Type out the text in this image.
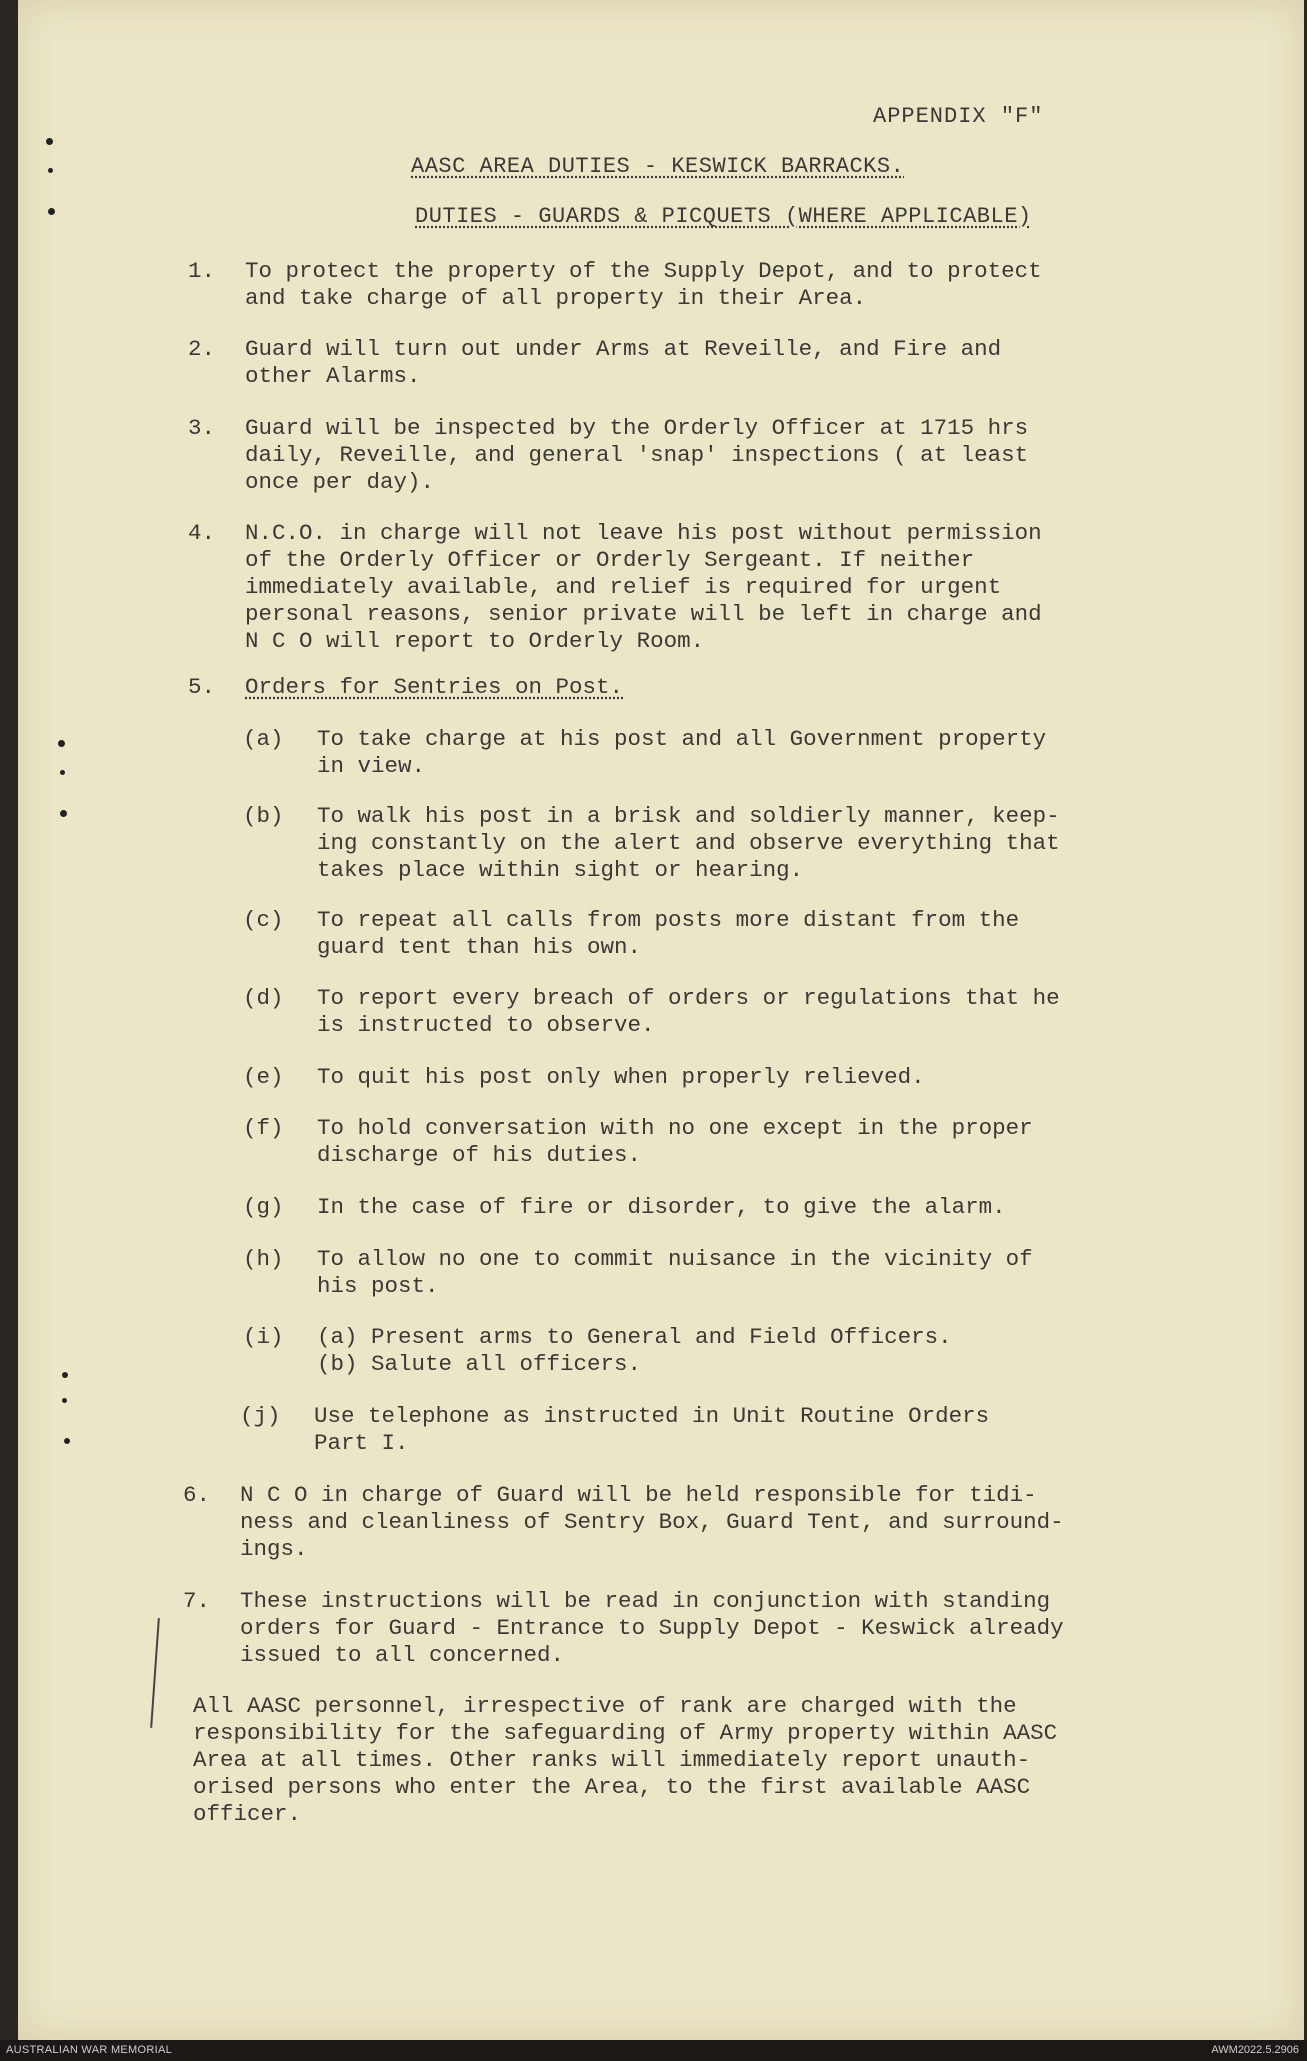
APPENDIX "F"
AASC AREA DUTIES - KESWICK BARRACKS.
DUTIES - GUARDS & PICQUETS (WHERE APPLICABLE)
1. To protect the property of the Supply Depot, and to protect
and take charge of all property in their Area.
2. Guard will turn out under Arms at Reveille, and Fire and
other Alarms.
3. Guard will be inspected by the Orderly Officer at 1715 hrs
daily, Reveille, and general 'snap' inspections ( at least
once per day).
4. N.C.O. in charge will not leave his post without permission
of the Orderly Officer or Orderly Sergeant. If neither
immediately available, and relief is required for urgent
personal reasons, senior private will be left in charge and
N C O will report to Orderly Room.
5. Orders for Sentries on Post.
(a) To take charge at his post and all Government property
in view.
(b) To walk his post in a brisk and soldierly manner, keep-
ing constantly on the alert and observe everything that
takes place within sight or hearing.
(c) To repeat all calls from posts more distant from the
guard tent than his own.
(d) To report every breach of orders or regulations that he
is instructed to observe.
(e) To quit his post only when properly relieved.
(f) To hold conversation with no one except in the proper
discharge of his duties.
(g) In the case of fire or disorder, to give the alarm.
(h) To allow no one to commit nuisance in the vicinity of
his post.
(i) (a) Present arms to General and Field Officers.
(b) Salute all officers.
(j) Use telephone as instructed in Unit Routine Orders
Part I.
6. N C O in charge of Guard will be held responsible for tidi-
ness and cleanliness of Sentry Box, Guard Tent, and surround-
ings.
7. These instructions will be read in conjunction with standing
orders for Guard - Entrance to Supply Depot - Keswick already
issued to all concerned.
All AASC personnel, irrespective of rank are charged with the
responsibility for the safeguarding of Army property within AASC
Area at all times. Other ranks will immediately report unauth-
orised persons who enter the Area, to the first available AASC
officer.
AUSTRALIAN WAR MEMORIAL	AWM2022.5.2906
